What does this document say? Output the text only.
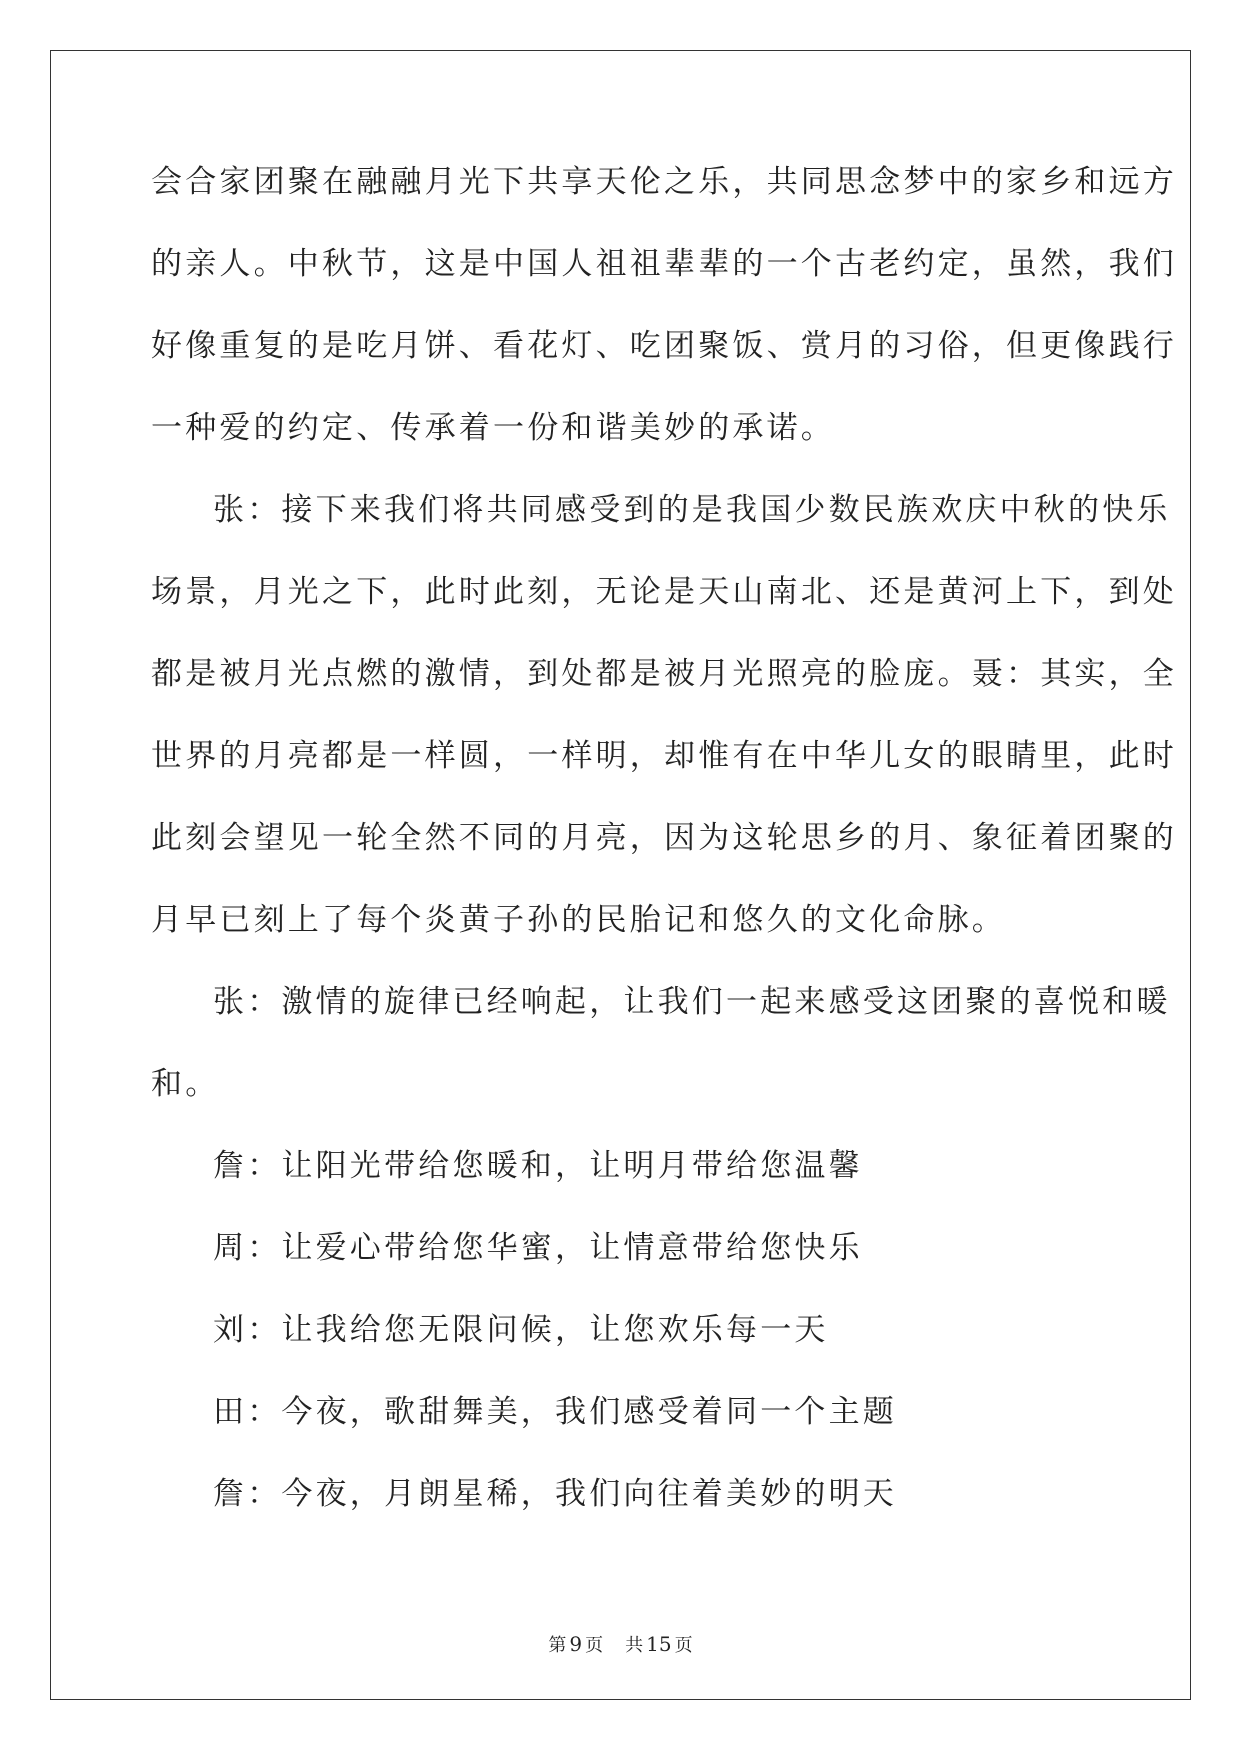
会合家团聚在融融月光下共享天伦之乐，共同思念梦中的家乡和远方
的亲人。中秋节，这是中国人祖祖辈辈的一个古老约定，虽然，我们
好像重复的是吃月饼、看花灯、吃团聚饭、赏月的习俗，但更像践行
一种爱的约定、传承着一份和谐美妙的承诺。
张：接下来我们将共同感受到的是我国少数民族欢庆中秋的快乐
场景，月光之下，此时此刻，无论是天山南北、还是黄河上下，到处
都是被月光点燃的激情，到处都是被月光照亮的脸庞。聂：其实，全
世界的月亮都是一样圆，一样明，却惟有在中华儿女的眼睛里，此时
此刻会望见一轮全然不同的月亮，因为这轮思乡的月、象征着团聚的
月早已刻上了每个炎黄子孙的民胎记和悠久的文化命脉。
张：激情的旋律已经响起，让我们一起来感受这团聚的喜悦和暖
和。
詹：让阳光带给您暖和，让明月带给您温馨
周：让爱心带给您华蜜，让情意带给您快乐
刘：让我给您无限问候，让您欢乐每一天
田：今夜，歌甜舞美，我们感受着同一个主题
詹：今夜，月朗星稀，我们向往着美妙的明天
第 9 页 共 15 页
